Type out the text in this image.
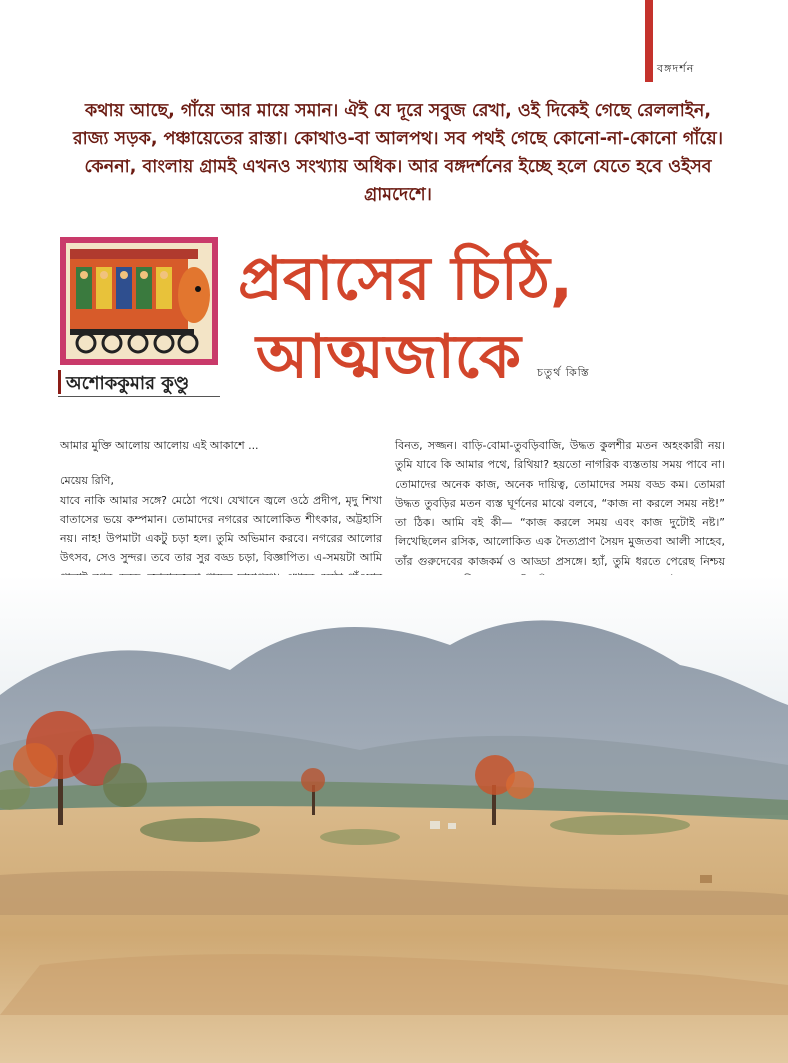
বঙ্গদর্শন

কথায় আছে, গাঁয়ে আর মায়ে সমান। ঐই যে দূরে সবুজ রেখা, ওই দিকেই গেছে রেললাইন, রাজ্য সড়ক, পঞ্চায়েতের রাস্তা। কোথাও-বা আলপথ। সব পথই গেছে কোনো-না-কোনো গাঁয়ে। কেননা, বাংলায় গ্রামই এখনও সংখ্যায় অধিক। আর বঙ্গদর্শনের ইচ্ছে হলে যেতে হবে ওইসব গ্রামদেশে।

অশোককুমার কুণ্ডু
প্রবাসের চিঠি,
আত্মজাকে	চতুর্থ কিস্তি

আমার মুক্তি আলোয় আলোয় এই আকাশে ...

মেয়েয় রিণি,

যাবে নাকি আমার সঙ্গে? মেঠো পথে। যেখানে জ্বলে ওঠে প্রদীপ, মৃদু শিখা বাতাসের ভয়ে কম্পমান। তোমাদের নগরের আলোকিত শীৎকার, অট্টহাসি নয়। নাহ! উপমাটা একটু চড়া হল। তুমি অভিমান করবে। নগরের আলোর উৎসব, সেও সুন্দর। তবে তার সুর বড্ড চড়া, বিজ্ঞাপিত। এ-সময়টা আমি

বিনত, সজ্জন। বাড়ি-বোমা-তুবড়িবাজি, উদ্ধত কুলশীর মতন অহংকারী নয়। তুমি যাবে কি আমার পথে, রিথিয়া? হয়তো নাগরিক ব্যস্ততায় সময় পাবে না। তোমাদের অনেক কাজ, অনেক দায়িত্ব, তোমাদের সময় বড্ড কম। তোমরা উদ্ধত তুবড়ির মতন ব্যস্ত ঘূর্ণনের মাঝে বলবে, “কাজ না করলে সময় নষ্ট!” তা ঠিক। আমি বই কী— “কাজ করলে সময় এবং কাজ দুটোই নষ্ট।” লিখেছিলেন রসিক, আলোকিত এক দৈত্যপ্রাণ সৈয়দ মুজতবা আলী সাহেব, তাঁর গুরুদেবের কাজকর্ম ও আড্ডা প্রসঙ্গে। হ্যাঁ, তুমি ধরতে পেরেছ নিশ্চয়
